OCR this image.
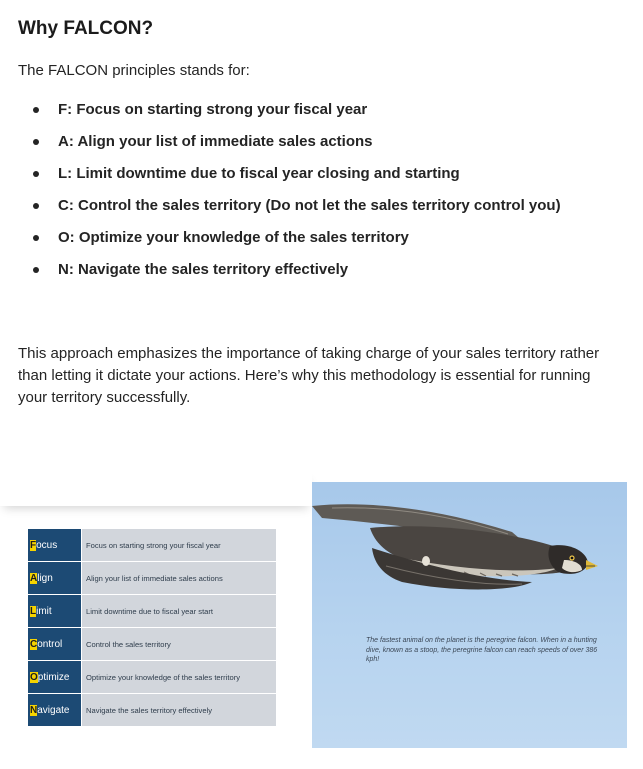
Why FALCON?

The FALCON principles stands for:

F: Focus on starting strong your fiscal year
A: Align your list of immediate sales actions
L: Limit downtime due to fiscal year closing and starting
C: Control the sales territory (Do not let the sales territory control you)
O: Optimize your knowledge of the sales territory
N: Navigate the sales territory effectively

This approach emphasizes the importance of taking charge of your sales territory rather than letting it dictate your actions. Here’s why this methodology is essential for running your territory successfully.

F ocus	Focus on starting strong your fiscal year
A lign	Align your list of immediate sales actions
L imit	Limit downtime due to fiscal year start
C ontrol	Control the sales territory
O ptimize	Optimize your knowledge of the sales territory
N avigate	Navigate the sales territory effectively

The fastest animal on the planet is the peregrine falcon. When in a hunting dive, known as a stoop, the peregrine falcon can reach speeds of over 386 kph!
